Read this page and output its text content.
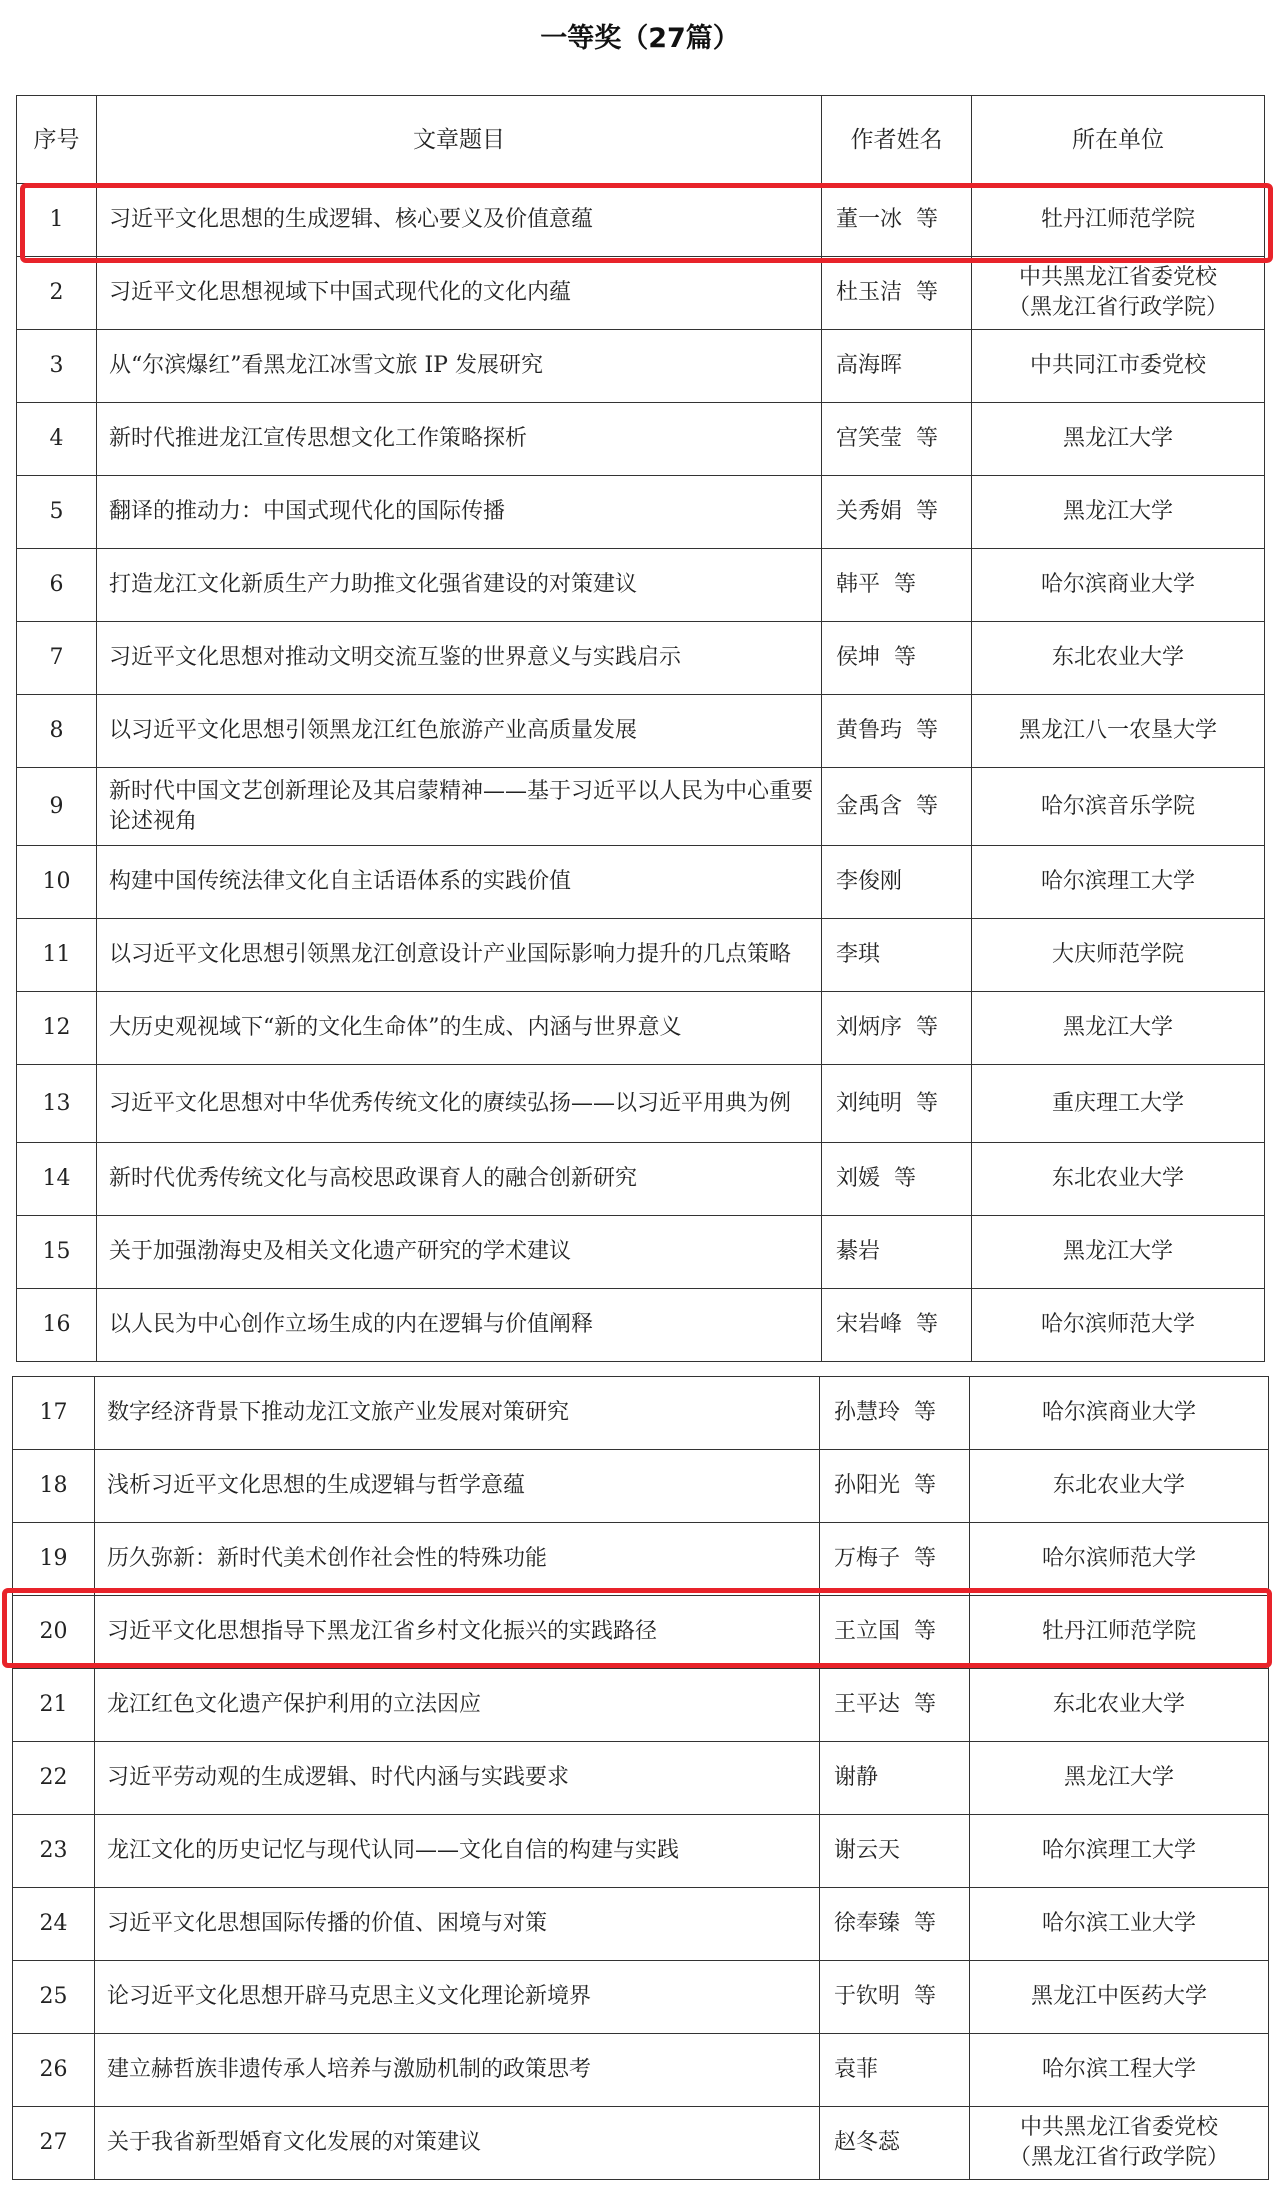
一等奖（27篇）
序号	文章题目	作者姓名	所在单位
1	习近平文化思想的生成逻辑、核心要义及价值意蕴	董一冰  等	牡丹江师范学院
2	习近平文化思想视域下中国式现代化的文化内蕴	杜玉洁  等	中共黑龙江省委党校
（黑龙江省行政学院）
3	从“尔滨爆红”看黑龙江冰雪文旅 IP 发展研究	高海晖	中共同江市委党校
4	新时代推进龙江宣传思想文化工作策略探析	宫笑莹  等	黑龙江大学
5	翻译的推动力：中国式现代化的国际传播	关秀娟  等	黑龙江大学
6	打造龙江文化新质生产力助推文化强省建设的对策建议	韩平  等	哈尔滨商业大学
7	习近平文化思想对推动文明交流互鉴的世界意义与实践启示	侯坤  等	东北农业大学
8	以习近平文化思想引领黑龙江红色旅游产业高质量发展	黄鲁玙  等	黑龙江八一农垦大学
9	新时代中国文艺创新理论及其启蒙精神——基于习近平以人民为中心重要论述视角	金禹含  等	哈尔滨音乐学院
10	构建中国传统法律文化自主话语体系的实践价值	李俊刚	哈尔滨理工大学
11	以习近平文化思想引领黑龙江创意设计产业国际影响力提升的几点策略	李琪	大庆师范学院
12	大历史观视域下“新的文化生命体”的生成、内涵与世界意义	刘炳序  等	黑龙江大学
13	习近平文化思想对中华优秀传统文化的赓续弘扬——以习近平用典为例	刘纯明  等	重庆理工大学
14	新时代优秀传统文化与高校思政课育人的融合创新研究	刘媛  等	东北农业大学
15	关于加强渤海史及相关文化遗产研究的学术建议	綦岩	黑龙江大学
16	以人民为中心创作立场生成的内在逻辑与价值阐释	宋岩峰  等	哈尔滨师范大学
17	数字经济背景下推动龙江文旅产业发展对策研究	孙慧玲  等	哈尔滨商业大学
18	浅析习近平文化思想的生成逻辑与哲学意蕴	孙阳光  等	东北农业大学
19	历久弥新：新时代美术创作社会性的特殊功能	万梅子  等	哈尔滨师范大学
20	习近平文化思想指导下黑龙江省乡村文化振兴的实践路径	王立国  等	牡丹江师范学院
21	龙江红色文化遗产保护利用的立法因应	王平达  等	东北农业大学
22	习近平劳动观的生成逻辑、时代内涵与实践要求	谢静	黑龙江大学
23	龙江文化的历史记忆与现代认同——文化自信的构建与实践	谢云天	哈尔滨理工大学
24	习近平文化思想国际传播的价值、困境与对策	徐奉臻  等	哈尔滨工业大学
25	论习近平文化思想开辟马克思主义文化理论新境界	于钦明  等	黑龙江中医药大学
26	建立赫哲族非遗传承人培养与激励机制的政策思考	袁菲	哈尔滨工程大学
27	关于我省新型婚育文化发展的对策建议	赵冬蕊	中共黑龙江省委党校
（黑龙江省行政学院）
